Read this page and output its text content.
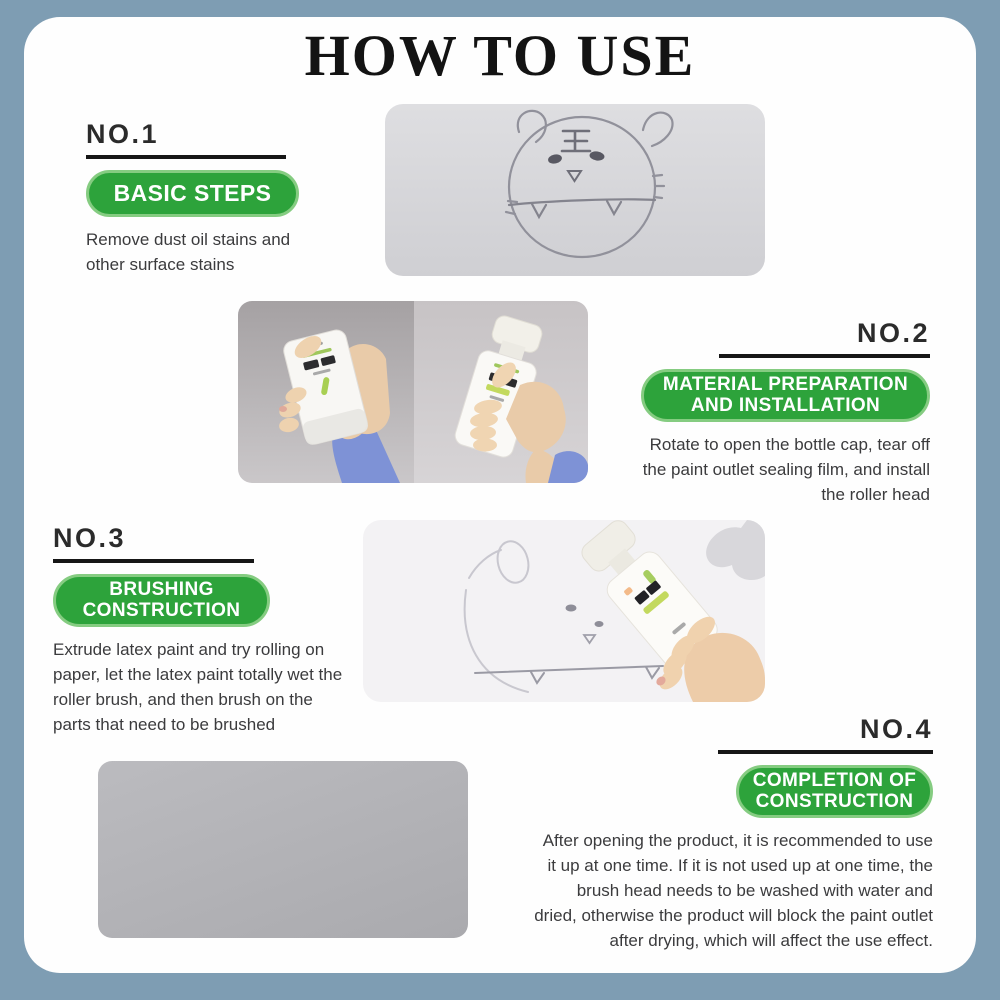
HOW TO USE
NO.1
BASIC STEPS
Remove dust oil stains and
other surface stains
NO.2
MATERIAL PREPARATION
AND INSTALLATION
Rotate to open the bottle cap, tear off
the paint outlet sealing film, and install
the roller head
NO.3
BRUSHING
CONSTRUCTION
Extrude latex paint and try rolling on
paper, let the latex paint totally wet the
roller brush, and then brush on the
parts that need to be brushed	NO.4
COMPLETION OF
CONSTRUCTION
After opening the product, it is recommended to use
it up at one time. If it is not used up at one time, the
brush head needs to be washed with water and
dried, otherwise the product will block the paint outlet
after drying, which will affect the use effect.
